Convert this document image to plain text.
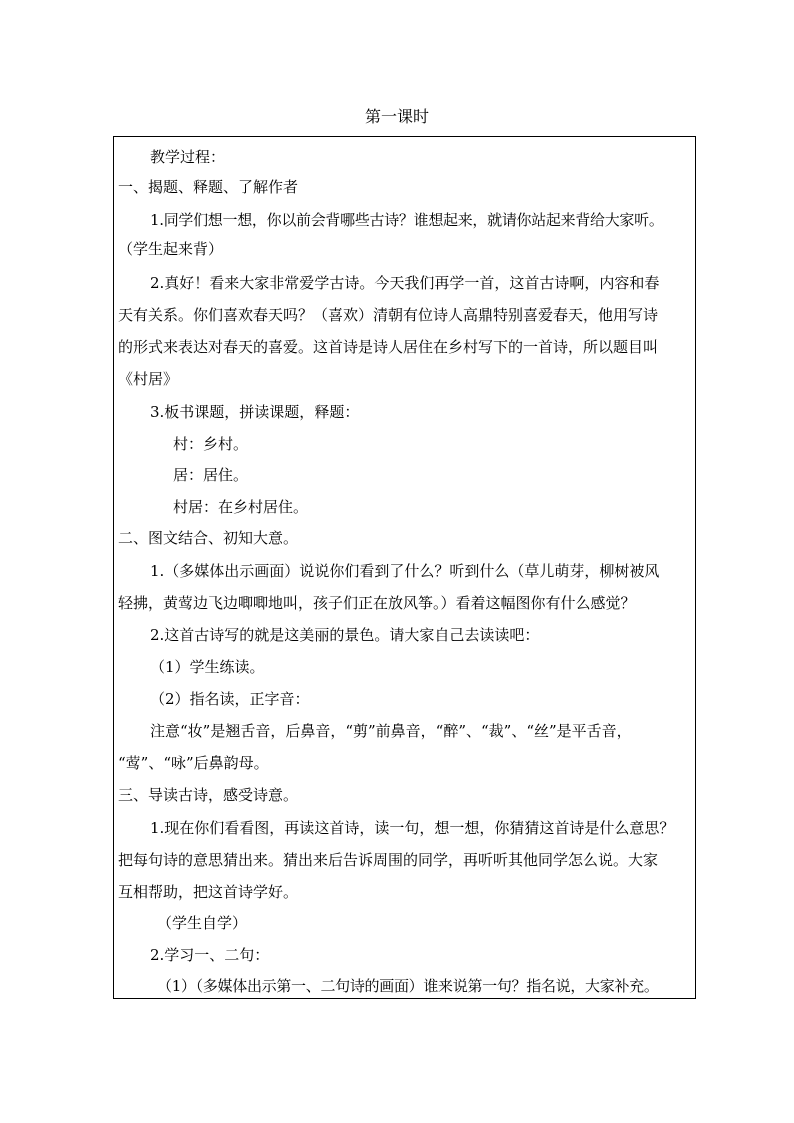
第一课时
教学过程：
一、揭题、释题、了解作者
1.同学们想一想，你以前会背哪些古诗？谁想起来，就请你站起来背给大家听。
（学生起来背）
2.真好！看来大家非常爱学古诗。今天我们再学一首，这首古诗啊，内容和春
天有关系。你们喜欢春天吗？（喜欢）清朝有位诗人高鼎特别喜爱春天，他用写诗
的形式来表达对春天的喜爱。这首诗是诗人居住在乡村写下的一首诗，所以题目叫
《村居》
3.板书课题，拼读课题，释题：
村：乡村。
居：居住。
村居：在乡村居住。
二、图文结合、初知大意。
1.（多媒体出示画面）说说你们看到了什么？听到什么（草儿萌芽，柳树被风
轻拂，黄莺边飞边唧唧地叫，孩子们正在放风筝。）看着这幅图你有什么感觉？
2.这首古诗写的就是这美丽的景色。请大家自己去读读吧：
（1）学生练读。
（2）指名读，正字音：
注意“妆”是翘舌音，后鼻音，“剪”前鼻音，“醉”、“裁”、“丝”是平舌音，
“莺”、“咏”后鼻韵母。
三、导读古诗，感受诗意。
1.现在你们看看图，再读这首诗，读一句，想一想，你猜猜这首诗是什么意思？
把每句诗的意思猜出来。猜出来后告诉周围的同学，再听听其他同学怎么说。大家
互相帮助，把这首诗学好。
（学生自学）
2.学习一、二句：
（1）（多媒体出示第一、二句诗的画面）谁来说第一句？指名说，大家补充。
